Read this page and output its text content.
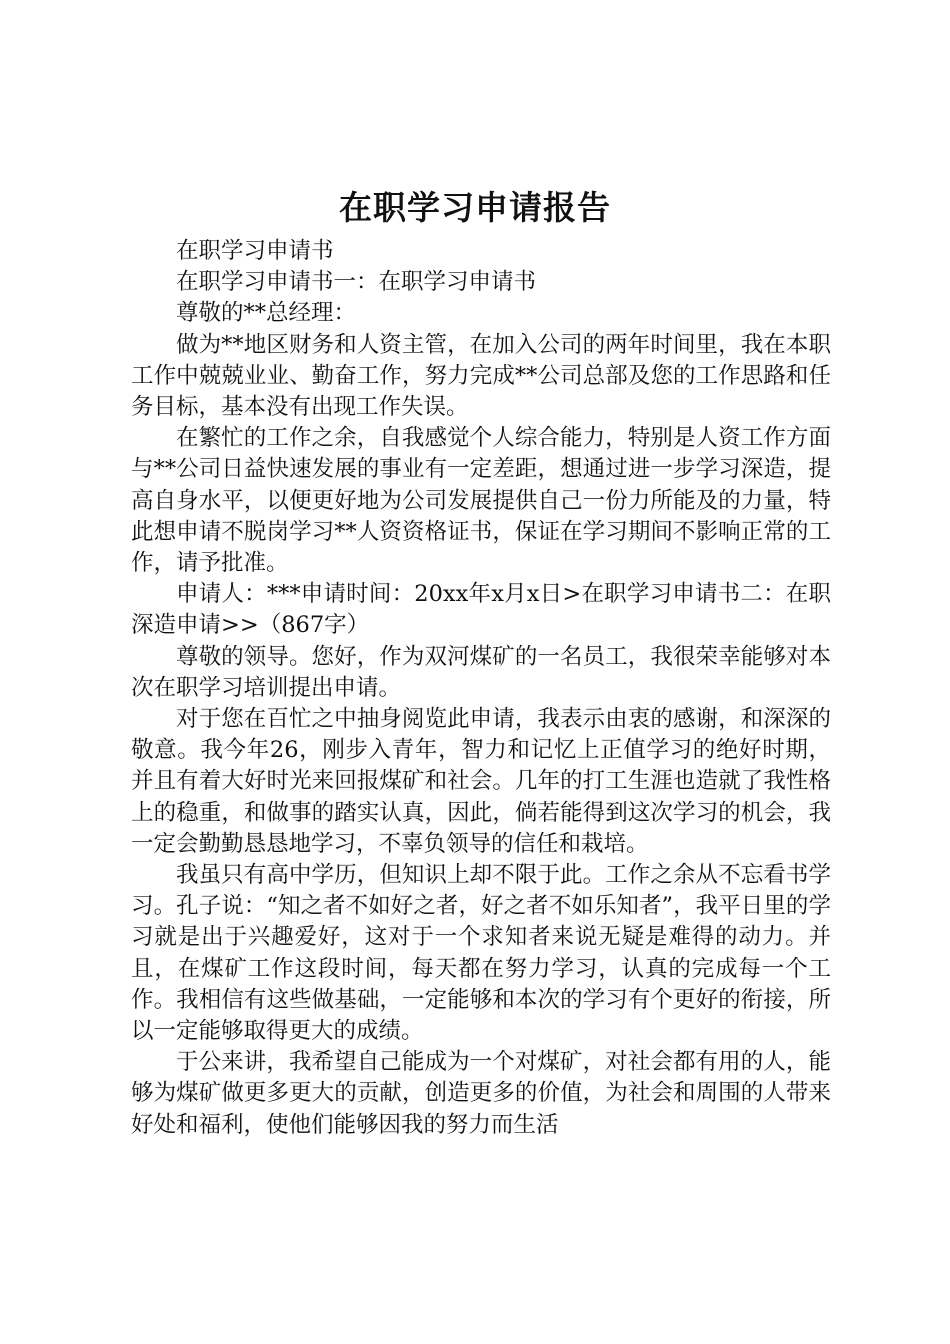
在职学习申请报告

在职学习申请书

在职学习申请书一：在职学习申请书

尊敬的**总经理：

做为**地区财务和人资主管，在加入公司的两年时间里，我在本职工作中兢兢业业、勤奋工作，努力完成**公司总部及您的工作思路和任务目标，基本没有出现工作失误。

在繁忙的工作之余，自我感觉个人综合能力，特别是人资工作方面与**公司日益快速发展的事业有一定差距，想通过进一步学习深造，提高自身水平，以便更好地为公司发展提供自己一份力所能及的力量，特此想申请不脱岗学习**人资资格证书，保证在学习期间不影响正常的工作，请予批准。

申请人：***申请时间：20xx年x月x日>在职学习申请书二：在职深造申请>>（867字）

尊敬的领导。您好，作为双河煤矿的一名员工，我很荣幸能够对本次在职学习培训提出申请。

对于您在百忙之中抽身阅览此申请，我表示由衷的感谢，和深深的敬意。我今年26，刚步入青年，智力和记忆上正值学习的绝好时期，并且有着大好时光来回报煤矿和社会。几年的打工生涯也造就了我性格上的稳重，和做事的踏实认真，因此，倘若能得到这次学习的机会，我一定会勤勤恳恳地学习，不辜负领导的信任和栽培。

我虽只有高中学历，但知识上却不限于此。工作之余从不忘看书学习。孔子说：“知之者不如好之者，好之者不如乐知者”，我平日里的学习就是出于兴趣爱好，这对于一个求知者来说无疑是难得的动力。并且，在煤矿工作这段时间，每天都在努力学习，认真的完成每一个工作。我相信有这些做基础，一定能够和本次的学习有个更好的衔接，所以一定能够取得更大的成绩。

于公来讲，我希望自己能成为一个对煤矿，对社会都有用的人，能够为煤矿做更多更大的贡献，创造更多的价值，为社会和周围的人带来好处和福利，使他们能够因我的努力而生活
